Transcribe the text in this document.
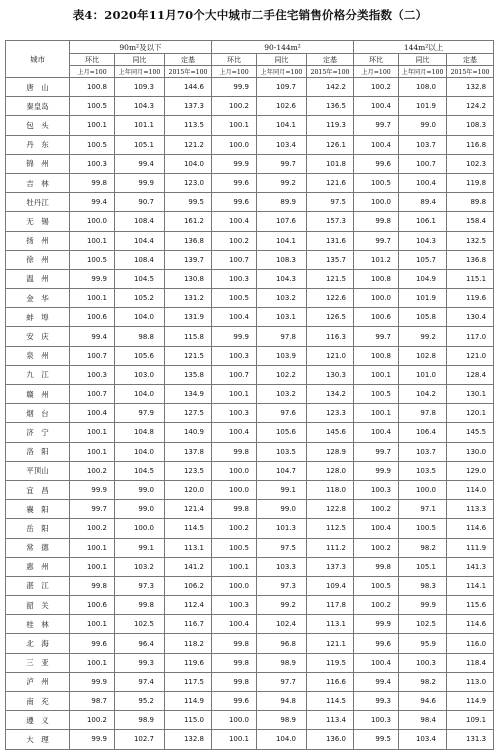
表4：2020年11月70个大中城市二手住宅销售价格分类指数（二）
城市	90m²及以下			90-144m²			144m²以上		
	环比	同比	定基	环比	同比	定基	环比	同比	定基
	上月=100	上年同月=100	2015年=100	上月=100	上年同月=100	2015年=100	上月=100	上年同月=100	2015年=100
唐　山	100.8	109.3	144.6	99.9	109.7	142.2	100.2	108.0	132.8
秦皇岛	100.5	104.3	137.3	100.2	102.6	136.5	100.4	101.9	124.2
包　头	100.1	101.1	113.5	100.1	104.1	119.3	99.7	99.0	108.3
丹　东	100.5	105.1	121.2	100.0	103.4	126.1	100.4	103.7	116.8
锦　州	100.3	99.4	104.0	99.9	99.7	101.8	99.6	100.7	102.3
吉　林	99.8	99.9	123.0	99.6	99.2	121.6	100.5	100.4	119.8
牡丹江	99.4	90.7	99.5	99.6	89.9	97.5	100.0	89.4	89.8
无　锡	100.0	108.4	161.2	100.4	107.6	157.3	99.8	106.1	158.4
扬　州	100.1	104.4	136.8	100.2	104.1	131.6	99.7	104.3	132.5
徐　州	100.5	108.4	139.7	100.7	108.3	135.7	101.2	105.7	136.8
温　州	99.9	104.5	130.8	100.3	104.3	121.5	100.8	104.9	115.1
金　华	100.1	105.2	131.2	100.5	103.2	122.6	100.0	101.9	119.6
蚌　埠	100.6	104.0	131.9	100.4	103.1	126.5	100.6	105.8	130.4
安　庆	99.4	98.8	115.8	99.9	97.8	116.3	99.7	99.2	117.0
泉　州	100.7	105.6	121.5	100.3	103.9	121.0	100.8	102.8	121.0
九　江	100.3	103.0	135.8	100.7	102.2	130.3	100.1	101.0	128.4
赣　州	100.7	104.0	134.9	100.1	103.2	134.2	100.5	104.2	130.1
烟　台	100.4	97.9	127.5	100.3	97.6	123.3	100.1	97.8	120.1
济　宁	100.1	104.8	140.9	100.4	105.6	145.6	100.4	106.4	145.5
洛　阳	100.1	104.0	137.8	99.8	103.5	128.9	99.7	103.7	130.0
平顶山	100.2	104.5	123.5	100.0	104.7	128.0	99.9	103.5	129.0
宜　昌	99.9	99.0	120.0	100.0	99.1	118.0	100.3	100.0	114.0
襄　阳	99.7	99.0	121.4	99.8	99.0	122.8	100.2	97.1	113.3
岳　阳	100.2	100.0	114.5	100.2	101.3	112.5	100.4	100.5	114.6
常　德	100.1	99.1	113.1	100.5	97.5	111.2	100.2	98.2	111.9
惠　州	100.1	103.2	141.2	100.1	103.3	137.3	99.8	105.1	141.3
湛　江	99.8	97.3	106.2	100.0	97.3	109.4	100.5	98.3	114.1
韶　关	100.6	99.8	112.4	100.3	99.2	117.8	100.2	99.9	115.6
桂　林	100.1	102.5	116.7	100.4	102.4	113.1	99.9	102.5	114.6
北　海	99.6	96.4	118.2	99.8	96.8	121.1	99.6	95.9	116.0
三　亚	100.1	99.3	119.6	99.8	98.9	119.5	100.4	100.3	118.4
泸　州	99.9	97.4	117.5	99.8	97.7	116.6	99.4	98.2	113.0
南　充	98.7	95.2	114.9	99.6	94.8	114.5	99.3	94.6	114.9
遵　义	100.2	98.9	115.0	100.0	98.9	113.4	100.3	98.4	109.1
大　理	99.9	102.7	132.8	100.1	104.0	136.0	99.5	103.4	131.3
